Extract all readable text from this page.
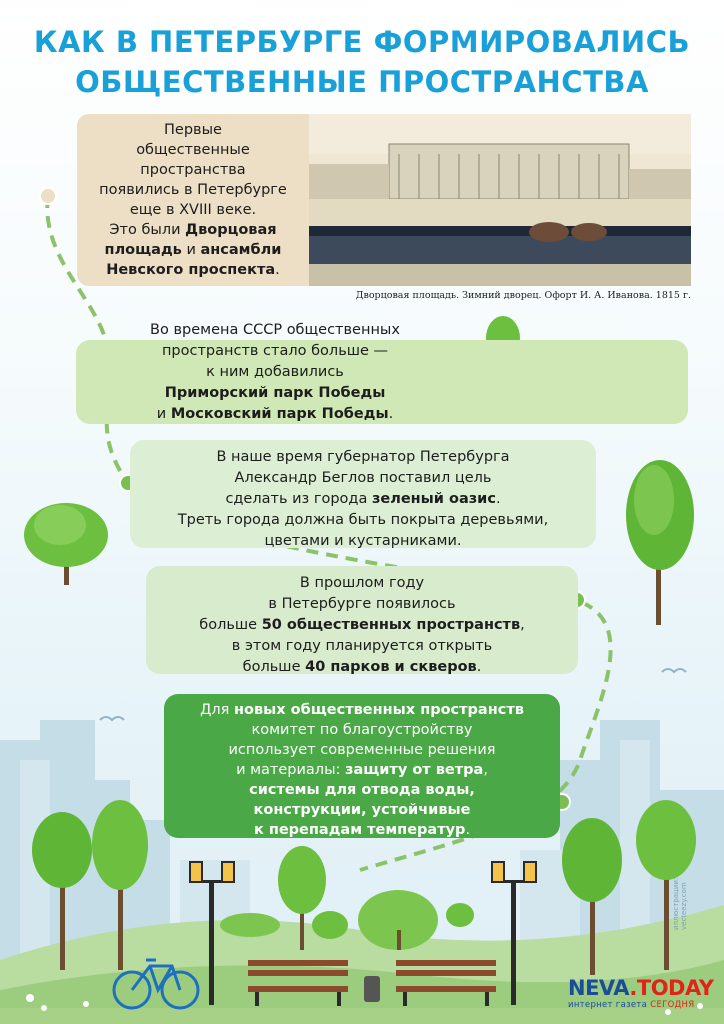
КАК В ПЕТЕРБУРГЕ ФОРМИРОВАЛИСЬ
ОБЩЕСТВЕННЫЕ ПРОСТРАНСТВА
Первые
общественные
пространства
появились в Петербурге
еще в XVIII веке.
Это были Дворцовая
площадь и ансамбли
Невского проспекта.
Дворцовая площадь. Зимний дворец. Офорт И. А. Иванова. 1815 г.
Во времена СССР общественных
пространств стало больше —
к ним добавились
Приморский парк Победы
и Московский парк Победы.
В наше время губернатор Петербурга
Александр Беглов поставил цель
сделать из города зеленый оазис.
Треть города должна быть покрыта деревьями,
цветами и кустарниками.
В прошлом году
в Петербурге появилось
больше 50 общественных пространств,
в этом году планируется открыть
больше 40 парков и скверов.
Для новых общественных пространств
комитет по благоустройству
использует современные решения
и материалы: защиту от ветра,
системы для отвода воды,
конструкции, устойчивые
к перепадам температур.
иллюстрации: vecteezy.com
NEVA.TODAY
интернет газета СЕГОДНЯ
